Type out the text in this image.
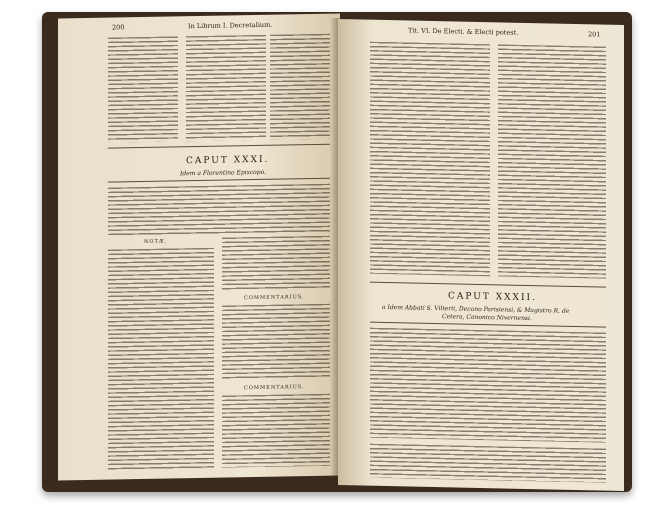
200	In Librum I. Decretalium.
CAPUT XXXI.
Idem a Florentino Episcopo.
NOTÆ.
COMMENTARIUS.
COMMENTARIUS.
Tit. VI. De Electi. & Electi potest.	201
CAPUT XXXII.
a Idem Abbati S. Vilterii, Decano Parisiensi, & Magistro R. de
Cetera, Canonico Nivernensi.
